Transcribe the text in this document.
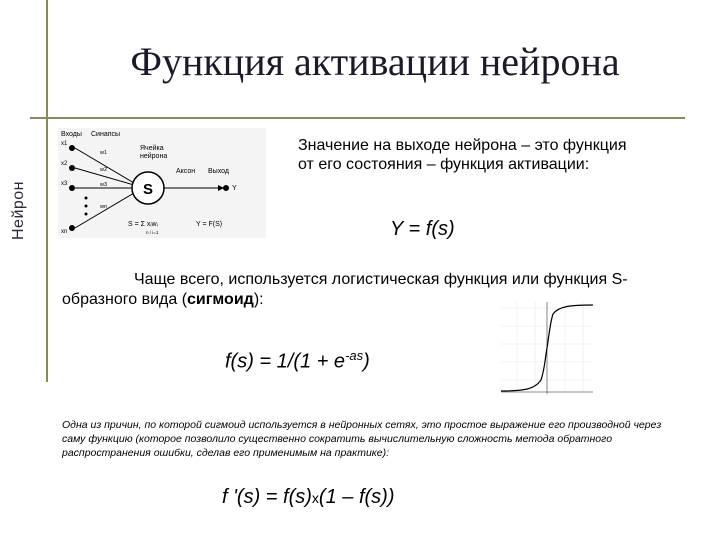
Нейрон
Функция активации нейрона
Входы Синапсы
Ячейка
нейрона
Аксон Выход
x1
x2
x3
xn
Y
w1
w2
w3
wn
S
S = Σ xᵢwᵢ
n / i=1
Y = F(S)
Значение на выходе нейрона – это функция от его состояния – функция активации:
Y = f(s)
Чаще всего, используется логистическая функция или функция S-образного вида (сигмоид):
$f(s) = 1/(1 + e^{-as})$
Одна из причин, по которой сигмоид используется в нейронных сетях, это простое выражение его производной через саму функцию (которое позволило существенно сократить вычислительную сложность метода обратного распространения ошибки, сделав его применимым на практике):
f '(s) = f(s)x(1 – f(s))
